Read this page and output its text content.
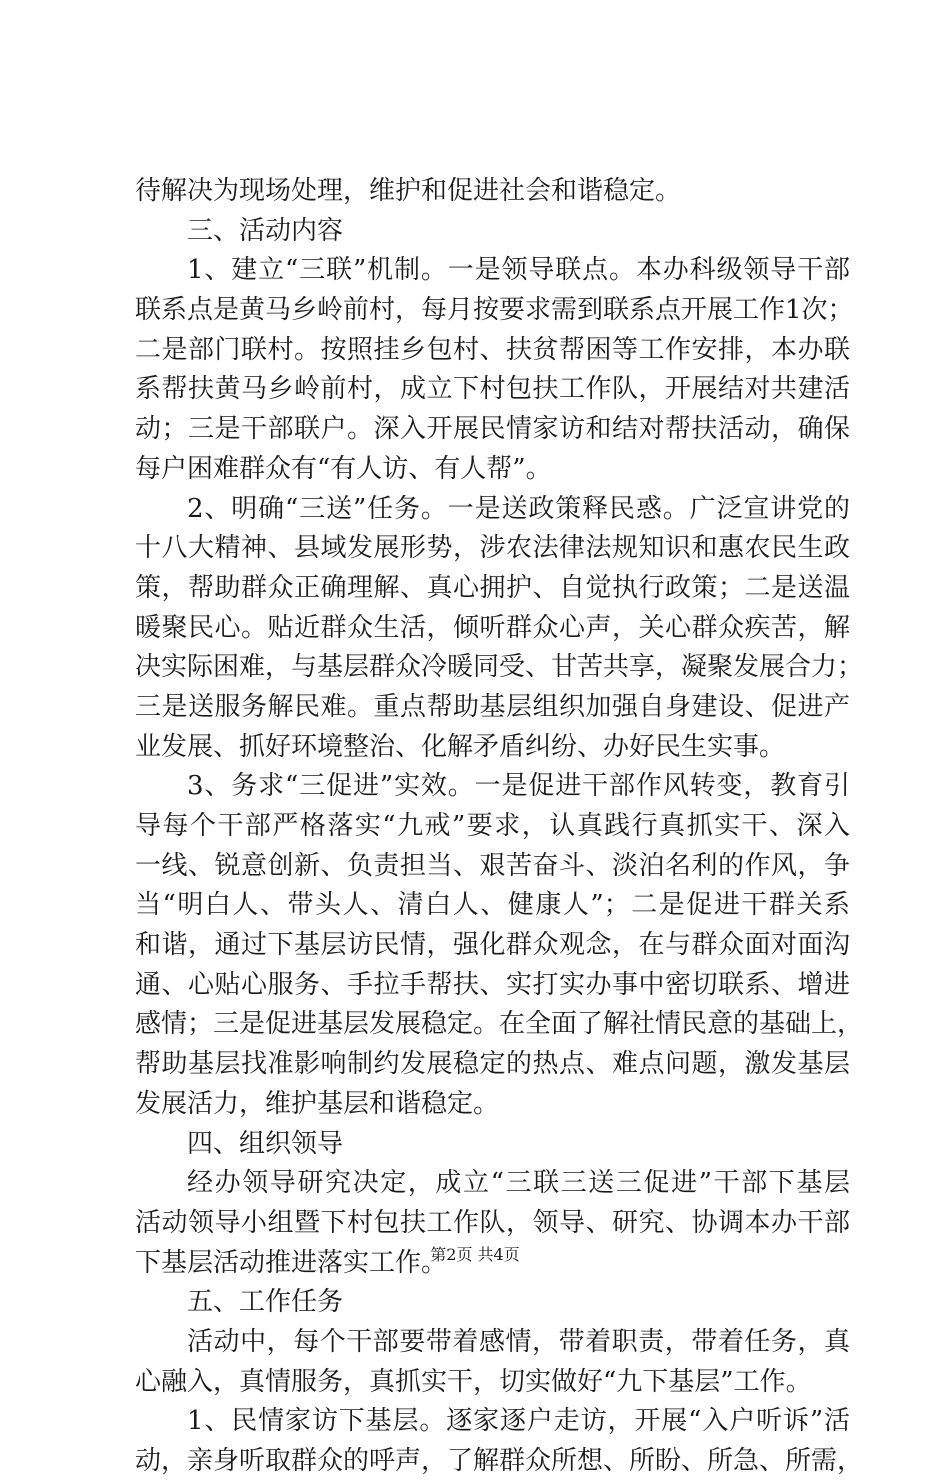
待解决为现场处理，维护和促进社会和谐稳定。
三、活动内容
1、建立“三联”机制。一是领导联点。本办科级领导干部
联系点是黄马乡岭前村，每月按要求需到联系点开展工作1次；
二是部门联村。按照挂乡包村、扶贫帮困等工作安排，本办联
系帮扶黄马乡岭前村，成立下村包扶工作队，开展结对共建活
动；三是干部联户。深入开展民情家访和结对帮扶活动，确保
每户困难群众有“有人访、有人帮”。
2、明确“三送”任务。一是送政策释民惑。广泛宣讲党的
十八大精神、县域发展形势，涉农法律法规知识和惠农民生政
策，帮助群众正确理解、真心拥护、自觉执行政策；二是送温
暖聚民心。贴近群众生活，倾听群众心声，关心群众疾苦，解
决实际困难，与基层群众冷暖同受、甘苦共享，凝聚发展合力；
三是送服务解民难。重点帮助基层组织加强自身建设、促进产
业发展、抓好环境整治、化解矛盾纠纷、办好民生实事。
3、务求“三促进”实效。一是促进干部作风转变，教育引
导每个干部严格落实“九戒”要求，认真践行真抓实干、深入
一线、锐意创新、负责担当、艰苦奋斗、淡泊名利的作风，争
当“明白人、带头人、清白人、健康人”；二是促进干群关系
和谐，通过下基层访民情，强化群众观念，在与群众面对面沟
通、心贴心服务、手拉手帮扶、实打实办事中密切联系、增进
感情；三是促进基层发展稳定。在全面了解社情民意的基础上，
帮助基层找准影响制约发展稳定的热点、难点问题，激发基层
发展活力，维护基层和谐稳定。
四、组织领导
经办领导研究决定，成立“三联三送三促进”干部下基层
活动领导小组暨下村包扶工作队，领导、研究、协调本办干部
下基层活动推进落实工作。
五、工作任务
活动中，每个干部要带着感情，带着职责，带着任务，真
心融入，真情服务，真抓实干，切实做好“九下基层”工作。
1、民情家访下基层。逐家逐户走访，开展“入户听诉”活
动，亲身听取群众的呼声，了解群众所想、所盼、所急、所需，
第2页 共4页
